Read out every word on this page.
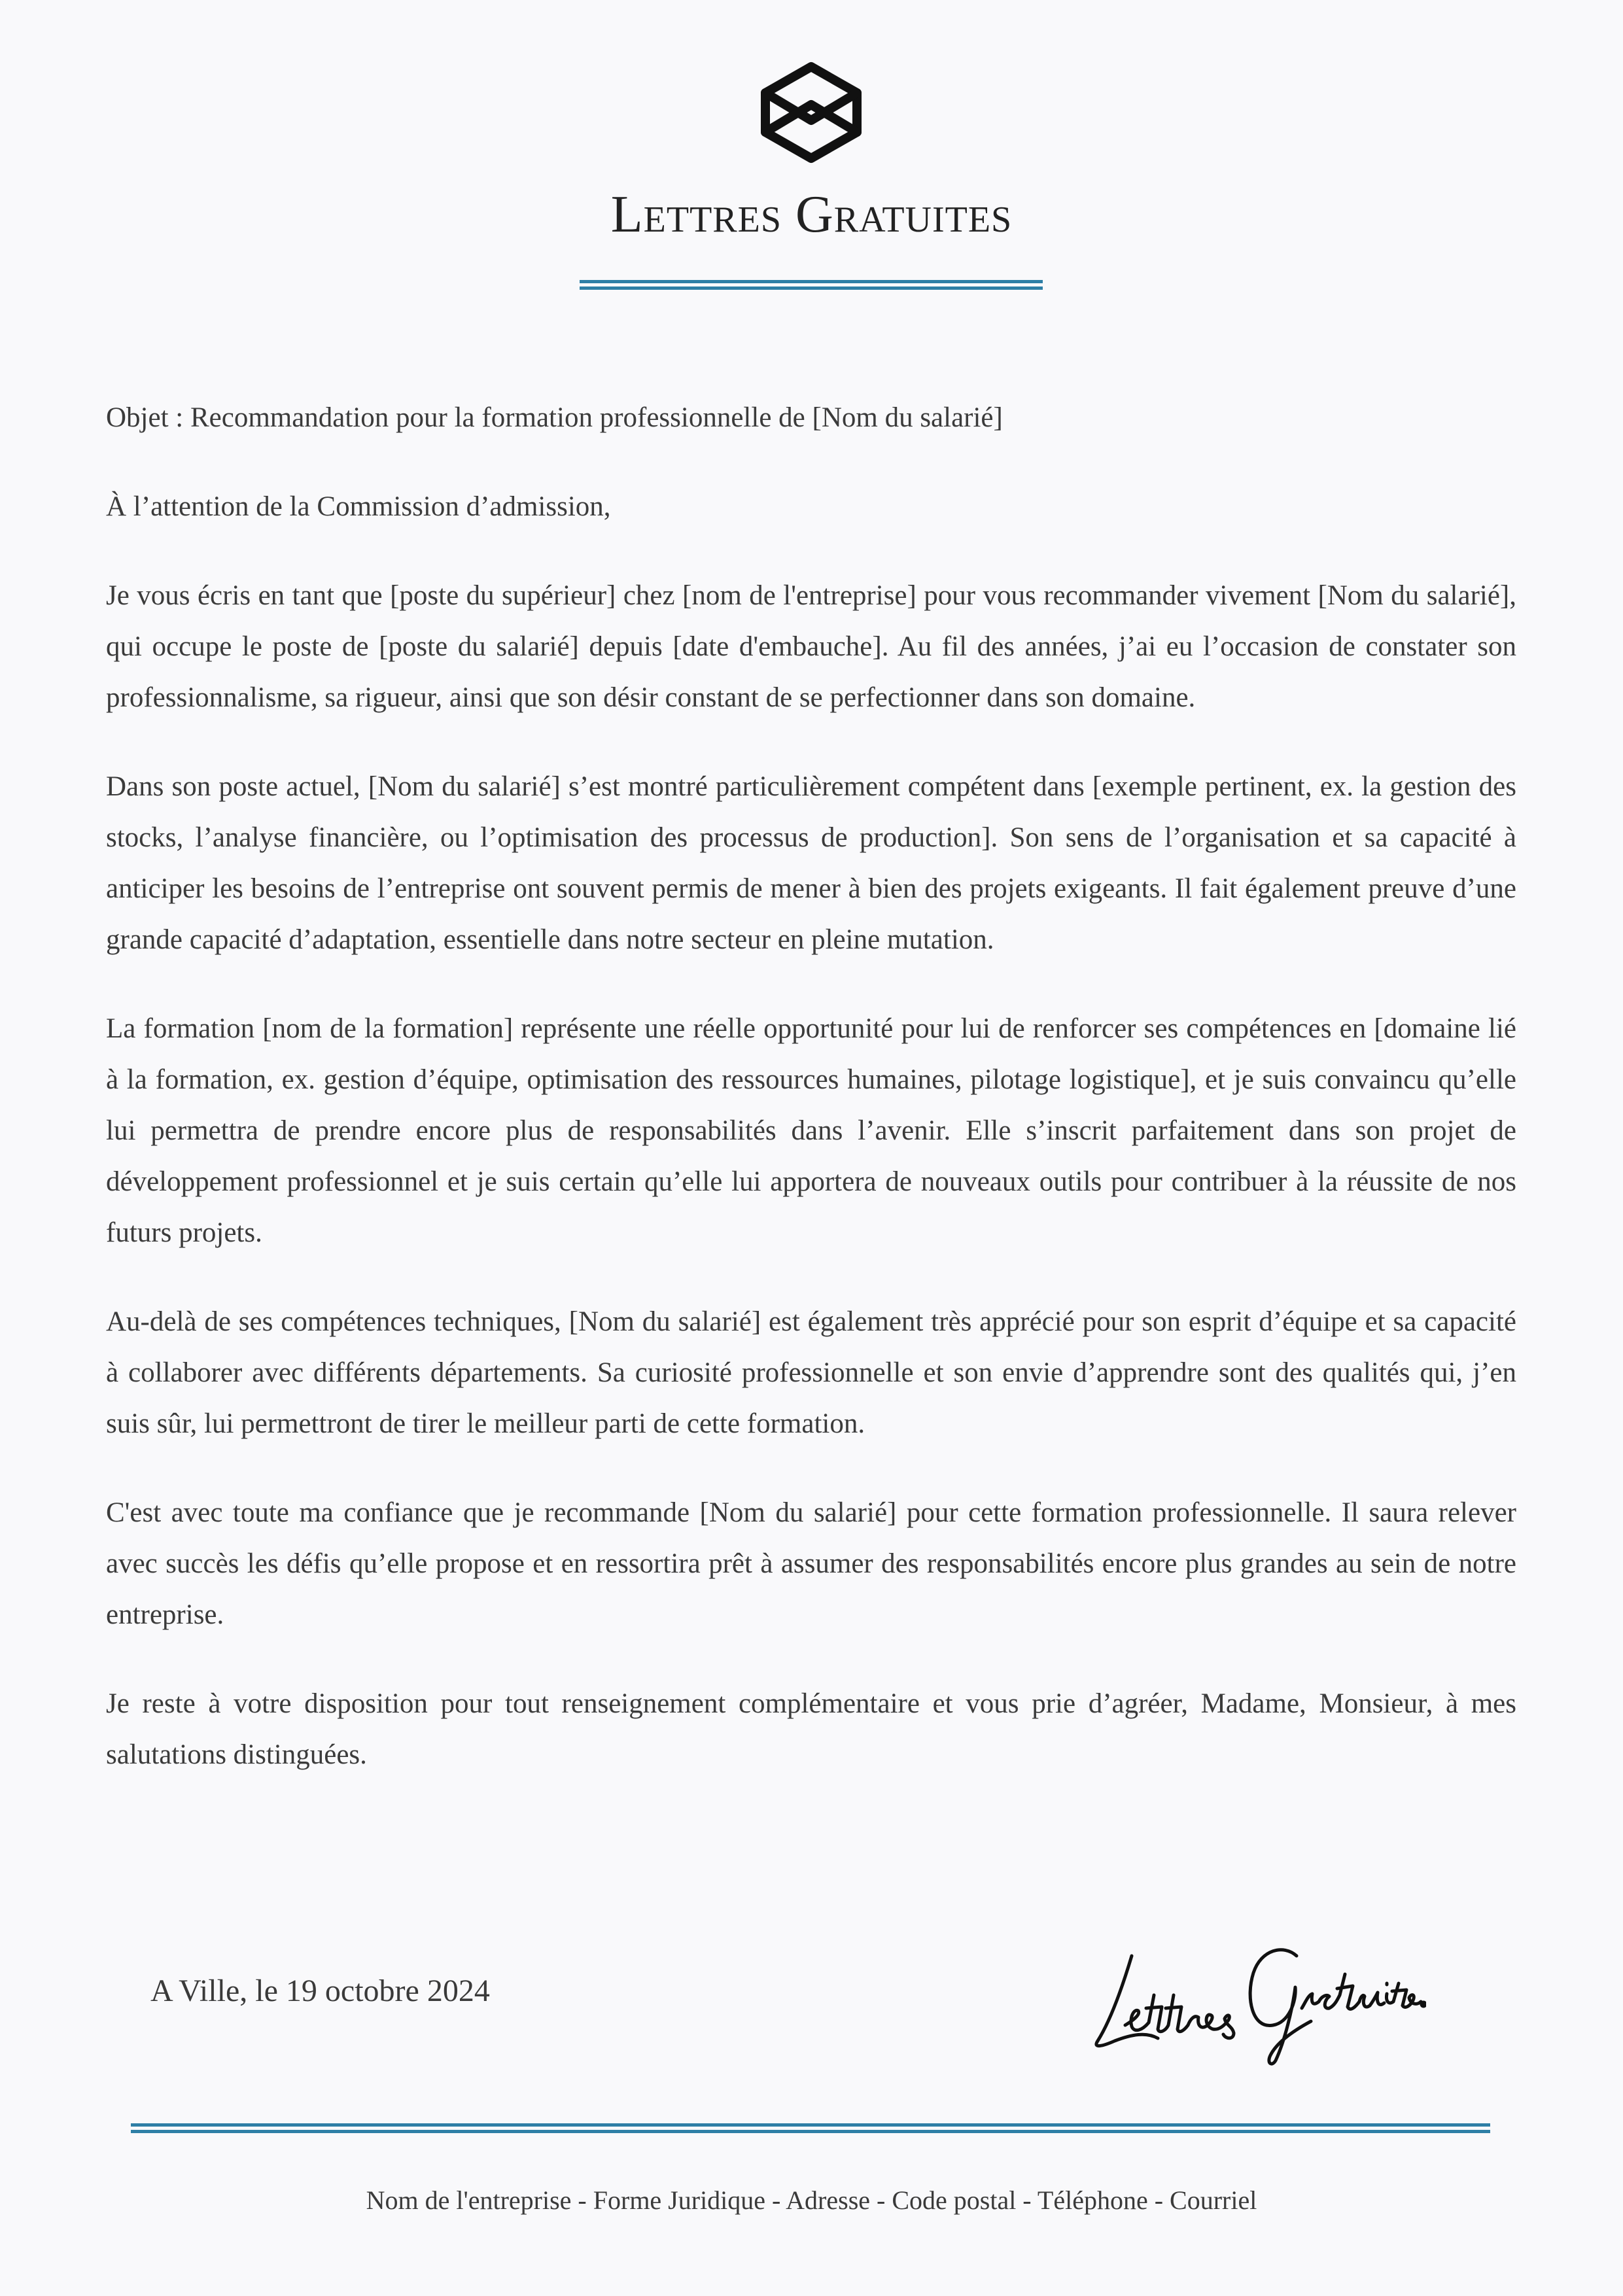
Lettres Gratuites

Objet : Recommandation pour la formation professionnelle de [Nom du salarié]

À l’attention de la Commission d’admission,

Je vous écris en tant que [poste du supérieur] chez [nom de l'entreprise] pour vous recommander vivement [Nom du salarié], qui occupe le poste de [poste du salarié] depuis [date d'embauche]. Au fil des années, j’ai eu l’occasion de constater son professionnalisme, sa rigueur, ainsi que son désir constant de se perfectionner dans son domaine.

Dans son poste actuel, [Nom du salarié] s’est montré particulièrement compétent dans [exemple pertinent, ex. la gestion des stocks, l’analyse financière, ou l’optimisation des processus de production]. Son sens de l’organisation et sa capacité à anticiper les besoins de l’entreprise ont souvent permis de mener à bien des projets exigeants. Il fait également preuve d’une grande capacité d’adaptation, essentielle dans notre secteur en pleine mutation.

La formation [nom de la formation] représente une réelle opportunité pour lui de renforcer ses compétences en [domaine lié à la formation, ex. gestion d’équipe, optimisation des ressources humaines, pilotage logistique], et je suis convaincu qu’elle lui permettra de prendre encore plus de responsabilités dans l’avenir. Elle s’inscrit parfaitement dans son projet de développement professionnel et je suis certain qu’elle lui apportera de nouveaux outils pour contribuer à la réussite de nos futurs projets.

Au-delà de ses compétences techniques, [Nom du salarié] est également très apprécié pour son esprit d’équipe et sa capacité à collaborer avec différents départements. Sa curiosité professionnelle et son envie d’apprendre sont des qualités qui, j’en suis sûr, lui permettront de tirer le meilleur parti de cette formation.

C'est avec toute ma confiance que je recommande [Nom du salarié] pour cette formation professionnelle. Il saura relever avec succès les défis qu’elle propose et en ressortira prêt à assumer des responsabilités encore plus grandes au sein de notre entreprise.

Je reste à votre disposition pour tout renseignement complémentaire et vous prie d’agréer, Madame, Monsieur, à mes salutations distinguées.

A Ville, le 19 octobre 2024
Nom de l'entreprise - Forme Juridique - Adresse - Code postal - Téléphone - Courriel
